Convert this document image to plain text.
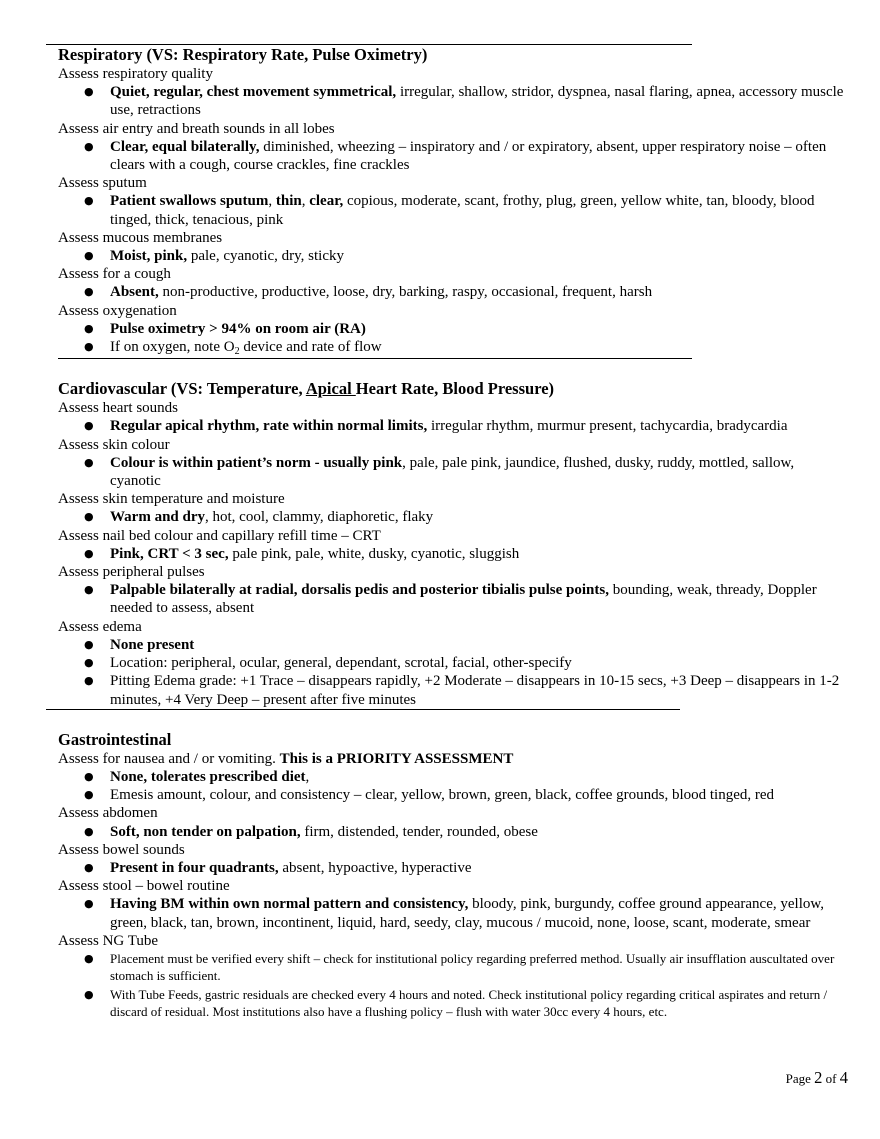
Respiratory (VS: Respiratory Rate, Pulse Oximetry)

Assess respiratory quality

● Quiet, regular, chest movement symmetrical, irregular, shallow, stridor, dyspnea, nasal flaring, apnea, accessory muscle use, retractions

Assess air entry and breath sounds in all lobes

● Clear, equal bilaterally, diminished, wheezing – inspiratory and / or expiratory, absent, upper respiratory noise – often clears with a cough, course crackles, fine crackles

Assess sputum

● Patient swallows sputum, thin, clear, copious, moderate, scant, frothy, plug, green, yellow white, tan, bloody, blood tinged, thick, tenacious, pink

Assess mucous membranes

● Moist, pink, pale, cyanotic, dry, sticky

Assess for a cough

● Absent, non-productive, productive, loose, dry, barking, raspy, occasional, frequent, harsh

Assess oxygenation

● Pulse oximetry > 94% on room air (RA)
● If on oxygen, note $O_2$ device and rate of flow

Cardiovascular (VS: Temperature, Apical Heart Rate, Blood Pressure)

Assess heart sounds

● Regular apical rhythm, rate within normal limits, irregular rhythm, murmur present, tachycardia, bradycardia

Assess skin colour

● Colour is within patient’s norm - usually pink, pale, pale pink, jaundice, flushed, dusky, ruddy, mottled, sallow, cyanotic

Assess skin temperature and moisture

● Warm and dry, hot, cool, clammy, diaphoretic, flaky

Assess nail bed colour and capillary refill time – CRT

● Pink, CRT < 3 sec, pale pink, pale, white, dusky, cyanotic, sluggish

Assess peripheral pulses

● Palpable bilaterally at radial, dorsalis pedis and posterior tibialis pulse points, bounding, weak, thready, Doppler needed to assess, absent

Assess edema

● None present
● Location: peripheral, ocular, general, dependant, scrotal, facial, other-specify
● Pitting Edema grade: +1 Trace – disappears rapidly, +2 Moderate – disappears in 10-15 secs, +3 Deep – disappears in 1-2 minutes, +4 Very Deep – present after five minutes

Gastrointestinal

Assess for nausea and / or vomiting. This is a PRIORITY ASSESSMENT

● None, tolerates prescribed diet,
● Emesis amount, colour, and consistency – clear, yellow, brown, green, black, coffee grounds, blood tinged, red

Assess abdomen

● Soft, non tender on palpation, firm, distended, tender, rounded, obese

Assess bowel sounds

● Present in four quadrants, absent, hypoactive, hyperactive

Assess stool – bowel routine

● Having BM within own normal pattern and consistency, bloody, pink, burgundy, coffee ground appearance, yellow, green, black, tan, brown, incontinent, liquid, hard, seedy, clay, mucous / mucoid, none, loose, scant, moderate, smear

Assess NG Tube

● Placement must be verified every shift – check for institutional policy regarding preferred method. Usually air insufflation auscultated over stomach is sufficient.
● With Tube Feeds, gastric residuals are checked every 4 hours and noted. Check institutional policy regarding critical aspirates and return / discard of residual. Most institutions also have a flushing policy – flush with water 30cc every 4 hours, etc.
Page 2 of 4
